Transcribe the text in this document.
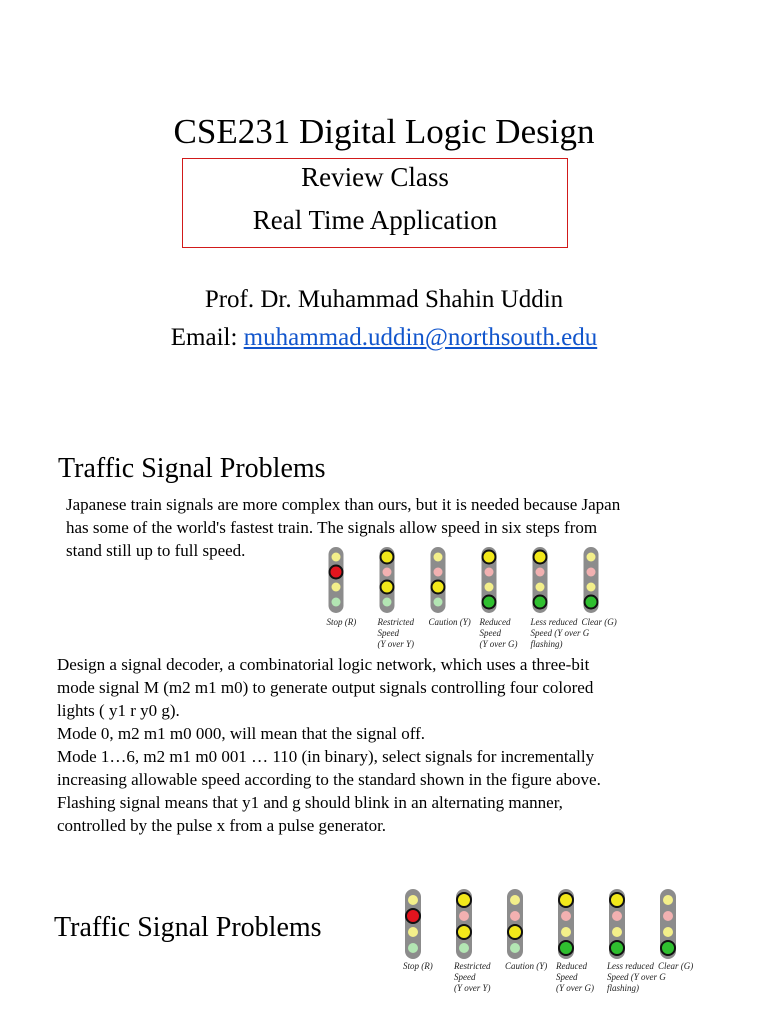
CSE231 Digital Logic Design
Review Class
Real Time Application
Prof. Dr. Muhammad Shahin Uddin
Email: muhammad.uddin@northsouth.edu
Traffic Signal Problems
Japanese train signals are more complex than ours, but it is needed because Japan
has some of the world's fastest train. The signals allow speed in six steps from
stand still up to full speed.
Stop (R) Restricted
Speed
(Y over Y)
Caution (Y) Reduced
Speed
(Y over G)
Less reduced
Speed (Y over G
flashing)
Clear (G)
Design a signal decoder, a combinatorial logic network, which uses a three-bit
mode signal M (m2 m1 m0) to generate output signals controlling four colored
lights ( y1 r y0 g).
Mode 0, m2 m1 m0 000, will mean that the signal off.
Mode 1…6, m2 m1 m0 001 … 110 (in binary), select signals for incrementally
increasing allowable speed according to the standard shown in the figure above.
Flashing signal means that y1 and g should blink in an alternating manner,
controlled by the pulse x from a pulse generator.
Traffic Signal Problems
Stop (R) Restricted
Speed
(Y over Y)
Caution (Y) Reduced
Speed
(Y over G)
Less reduced
Speed (Y over G
flashing)
Clear (G)
